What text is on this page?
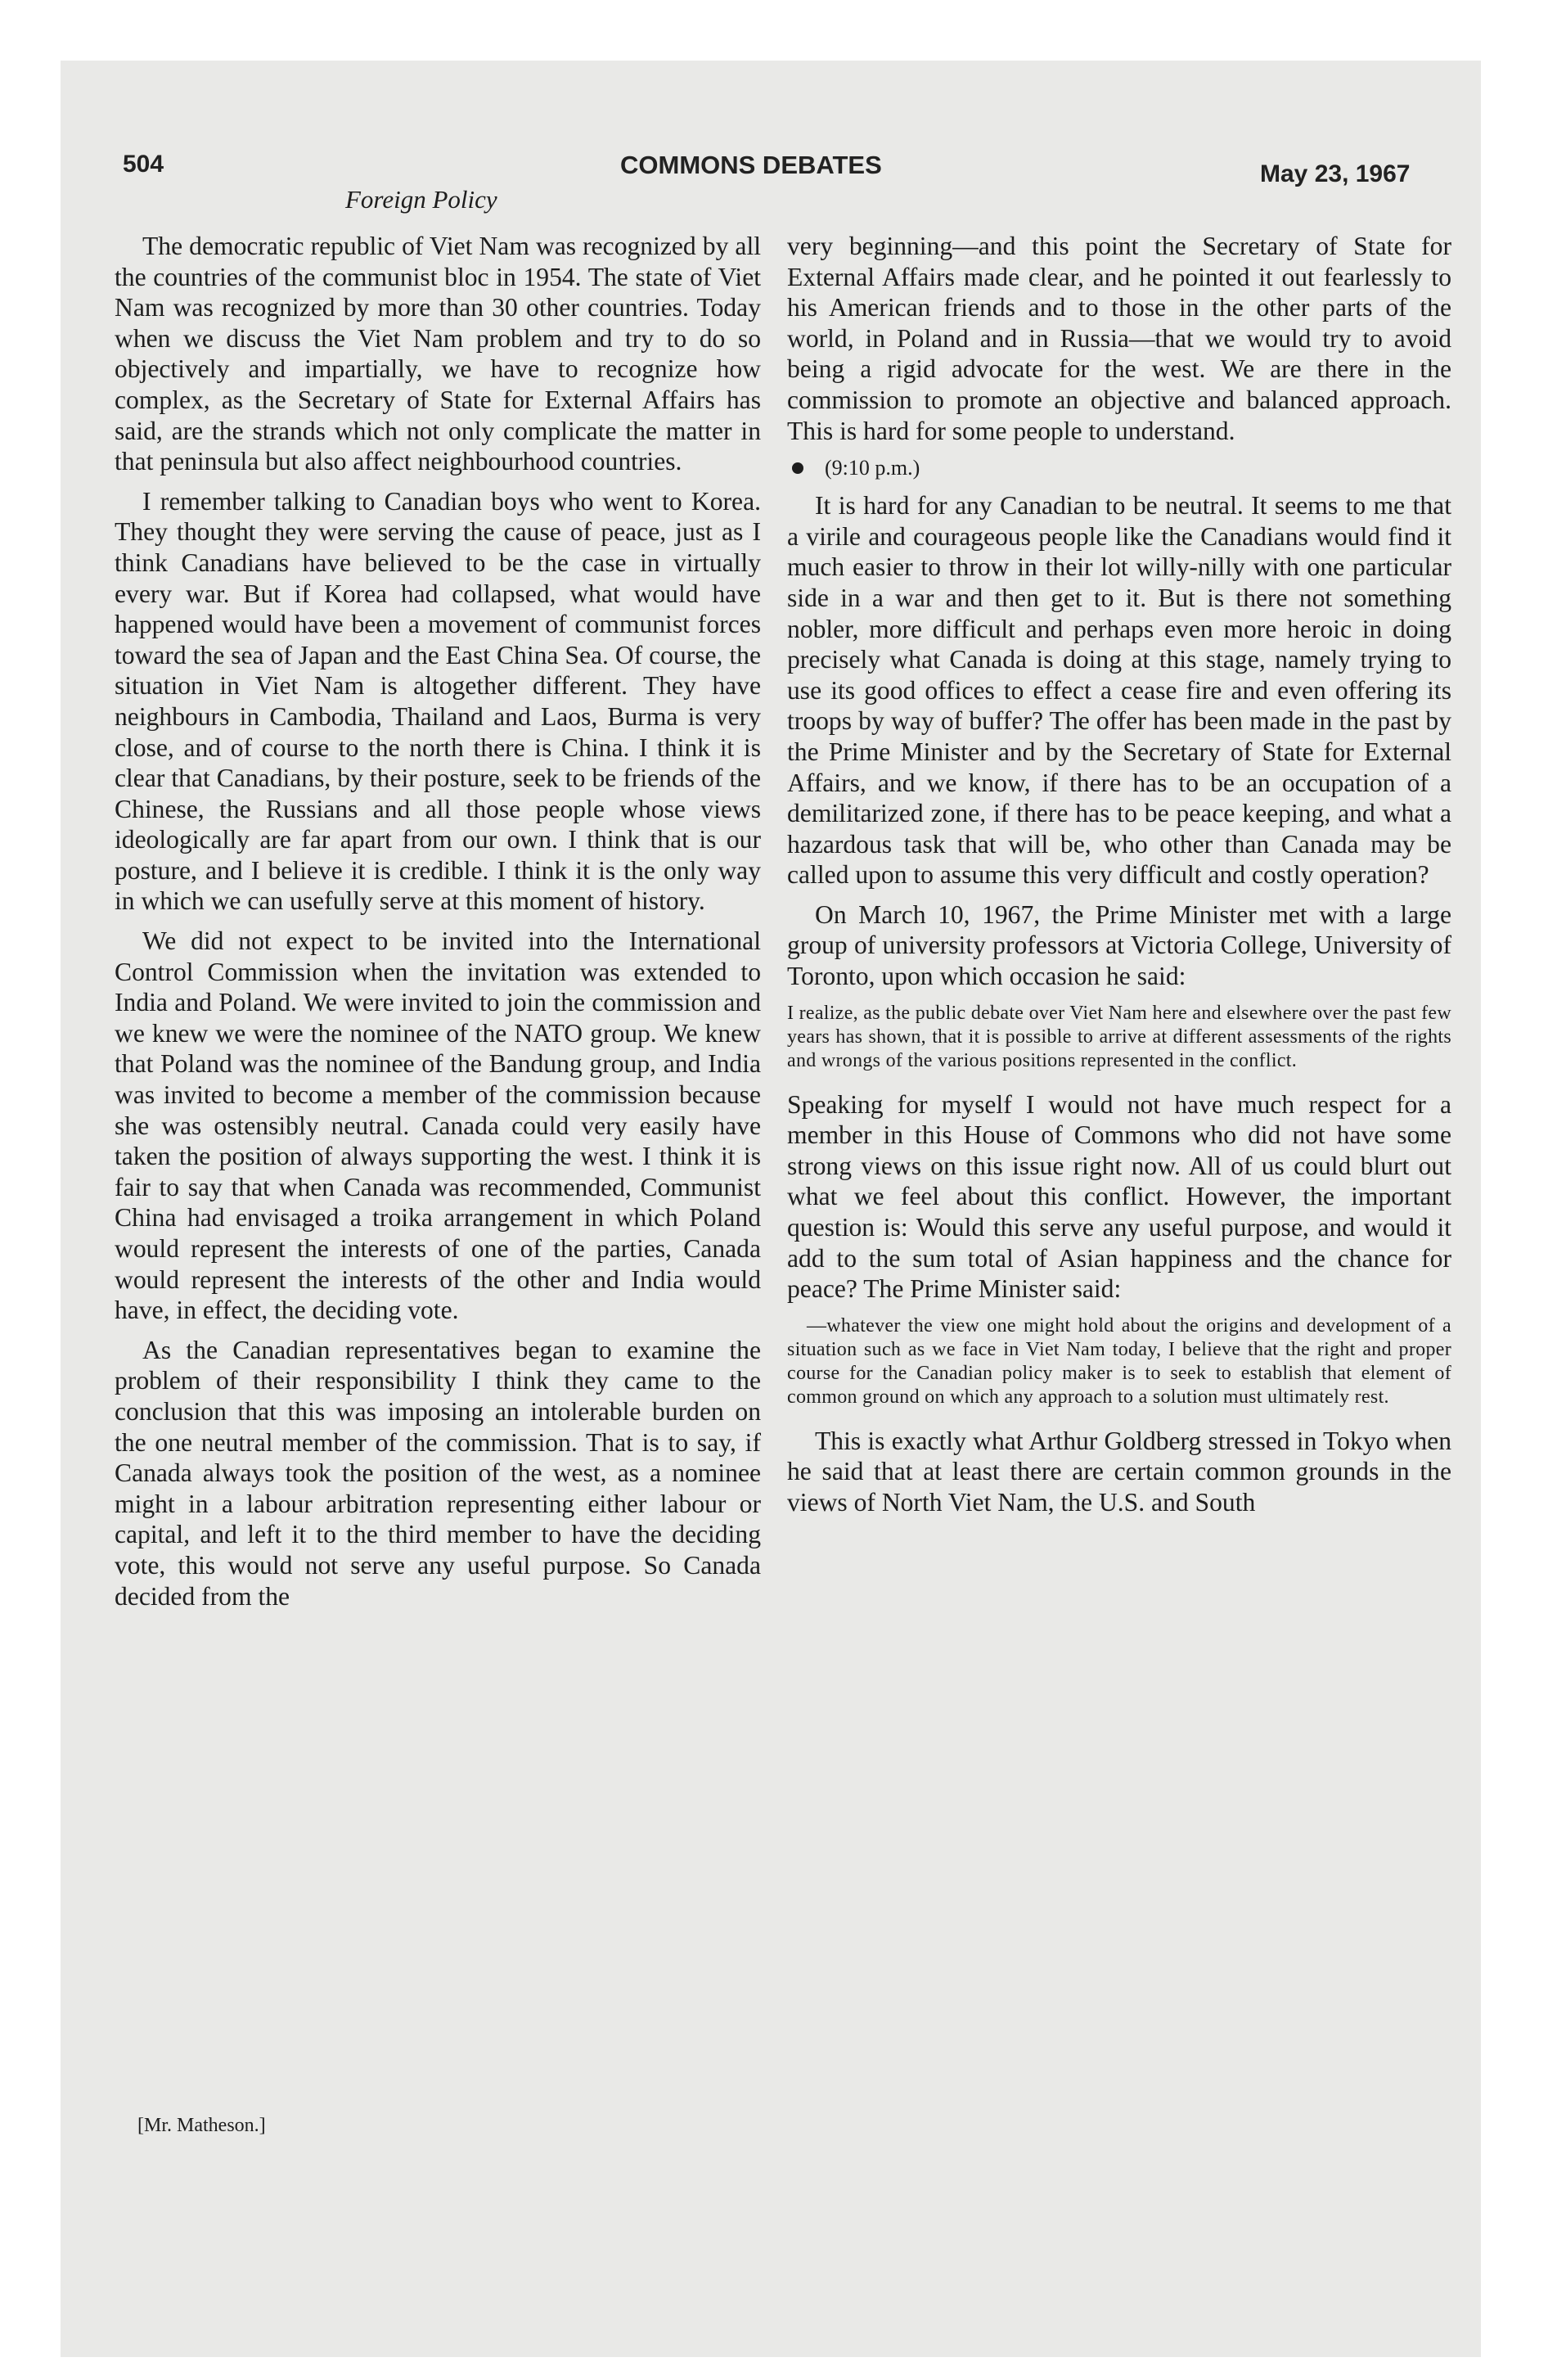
504	COMMONS DEBATES	May 23, 1967
Foreign Policy

The democratic republic of Viet Nam was recognized by all the countries of the communist bloc in 1954. The state of Viet Nam was recognized by more than 30 other countries. Today when we discuss the Viet Nam problem and try to do so objectively and impartially, we have to recognize how complex, as the Secretary of State for External Affairs has said, are the strands which not only complicate the matter in that peninsula but also affect neighbourhood countries.

I remember talking to Canadian boys who went to Korea. They thought they were serving the cause of peace, just as I think Canadians have believed to be the case in virtually every war. But if Korea had collapsed, what would have happened would have been a movement of communist forces toward the sea of Japan and the East China Sea. Of course, the situation in Viet Nam is altogether different. They have neighbours in Cambodia, Thailand and Laos, Burma is very close, and of course to the north there is China. I think it is clear that Canadians, by their posture, seek to be friends of the Chinese, the Russians and all those people whose views ideologically are far apart from our own. I think that is our posture, and I believe it is credible. I think it is the only way in which we can usefully serve at this moment of history.

We did not expect to be invited into the International Control Commission when the invitation was extended to India and Poland. We were invited to join the commission and we knew we were the nominee of the NATO group. We knew that Poland was the nominee of the Bandung group, and India was invited to become a member of the commission because she was ostensibly neutral. Canada could very easily have taken the position of always supporting the west. I think it is fair to say that when Canada was recommended, Communist China had envisaged a troika arrangement in which Poland would represent the interests of one of the parties, Canada would represent the interests of the other and India would have, in effect, the deciding vote.

As the Canadian representatives began to examine the problem of their responsibility I think they came to the conclusion that this was imposing an intolerable burden on the one neutral member of the commission. That is to say, if Canada always took the position of the west, as a nominee might in a labour arbitration representing either labour or capital, and left it to the third member to have the deciding vote, this would not serve any useful purpose. So Canada decided from the

[Mr. Matheson.]

very beginning—and this point the Secretary of State for External Affairs made clear, and he pointed it out fearlessly to his American friends and to those in the other parts of the world, in Poland and in Russia—that we would try to avoid being a rigid advocate for the west. We are there in the commission to promote an objective and balanced approach. This is hard for some people to understand.

(9:10 p.m.)

It is hard for any Canadian to be neutral. It seems to me that a virile and courageous people like the Canadians would find it much easier to throw in their lot willy-nilly with one particular side in a war and then get to it. But is there not something nobler, more difficult and perhaps even more heroic in doing precisely what Canada is doing at this stage, namely trying to use its good offices to effect a cease fire and even offering its troops by way of buffer? The offer has been made in the past by the Prime Minister and by the Secretary of State for External Affairs, and we know, if there has to be an occupation of a demilitarized zone, if there has to be peace keeping, and what a hazardous task that will be, who other than Canada may be called upon to assume this very difficult and costly operation?

On March 10, 1967, the Prime Minister met with a large group of university professors at Victoria College, University of Toronto, upon which occasion he said:

I realize, as the public debate over Viet Nam here and elsewhere over the past few years has shown, that it is possible to arrive at different assessments of the rights and wrongs of the various positions represented in the conflict.

Speaking for myself I would not have much respect for a member in this House of Commons who did not have some strong views on this issue right now. All of us could blurt out what we feel about this conflict. However, the important question is: Would this serve any useful purpose, and would it add to the sum total of Asian happiness and the chance for peace? The Prime Minister said:

—whatever the view one might hold about the origins and development of a situation such as we face in Viet Nam today, I believe that the right and proper course for the Canadian policy maker is to seek to establish that element of common ground on which any approach to a solution must ultimately rest.

This is exactly what Arthur Goldberg stressed in Tokyo when he said that at least there are certain common grounds in the views of North Viet Nam, the U.S. and South
